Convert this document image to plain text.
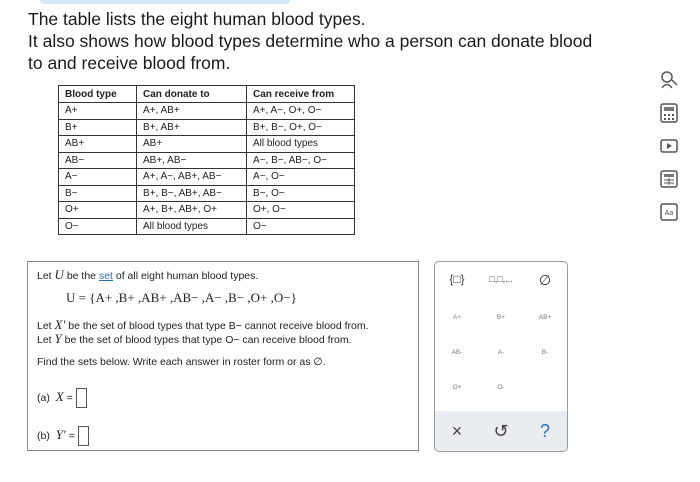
The table lists the eight human blood types.
It also shows how blood types determine who a person can donate blood
to and receive blood from.
Blood type	Can donate to	Can receive from
A+	A+, AB+	A+, A−, O+, O−
B+	B+, AB+	B+, B−, O+, O−
AB+	AB+	All blood types
AB−	AB+, AB−	A−, B−, AB−, O−
A−	A+, A−, AB+, AB−	A−, O−
B−	B+, B−, AB+, AB−	B−, O−
O+	A+, B+, AB+, O+	O+, O−
O−	All blood types	O−
Aa
Let U be the set of all eight human blood types.
U = {A+ ,B+ ,AB+ ,AB− ,A− ,B− ,O+ ,O−}
Let X′ be the set of blood types that type B− cannot receive blood from.
Let Y be the set of blood types that type O− can receive blood from.
Find the sets below. Write each answer in roster form or as ∅.
(a) X =
(b) Y′ =
{□}	□,□,...	∅
A+	B+	AB+
AB-	A-	B-
O+	O-
×	↺	?
